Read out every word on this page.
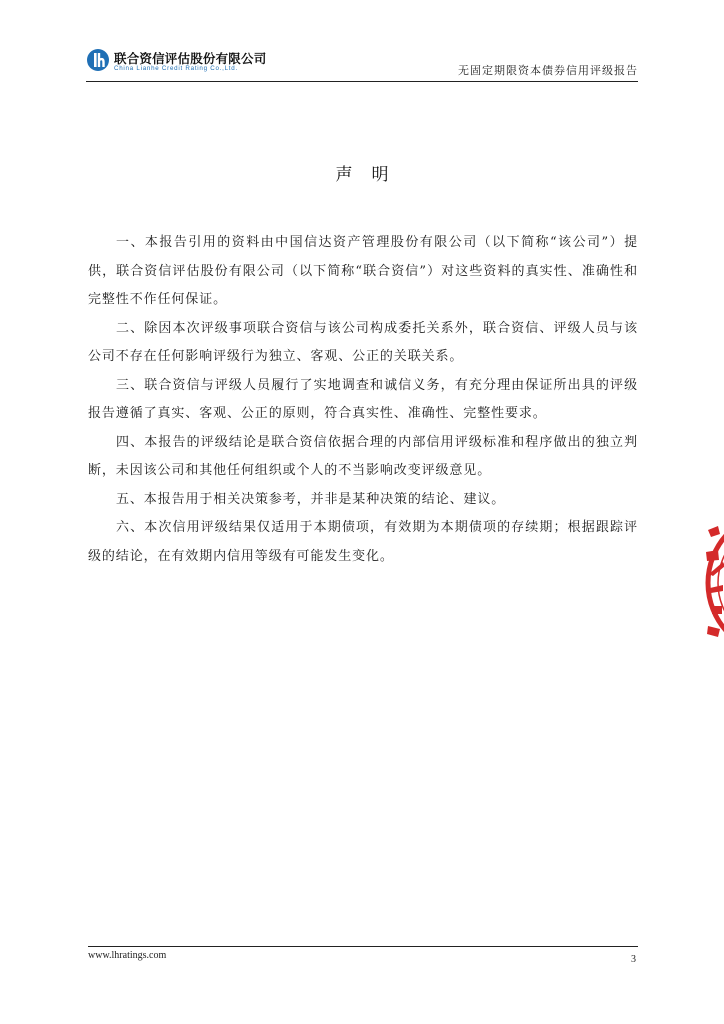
联合资信评估股份有限公司
China Lianhe Credit Rating Co.,Ltd.	无固定期限资本债券信用评级报告
声明

一、本报告引用的资料由中国信达资产管理股份有限公司（以下简称“该公司”）提供，联合资信评估股份有限公司（以下简称“联合资信”）对这些资料的真实性、准确性和完整性不作任何保证。

二、除因本次评级事项联合资信与该公司构成委托关系外，联合资信、评级人员与该公司不存在任何影响评级行为独立、客观、公正的关联关系。

三、联合资信与评级人员履行了实地调查和诚信义务，有充分理由保证所出具的评级报告遵循了真实、客观、公正的原则，符合真实性、准确性、完整性要求。

四、本报告的评级结论是联合资信依据合理的内部信用评级标准和程序做出的独立判断，未因该公司和其他任何组织或个人的不当影响改变评级意见。

五、本报告用于相关决策参考，并非是某种决策的结论、建议。

六、本次信用评级结果仅适用于本期债项，有效期为本期债项的存续期；根据跟踪评级的结论，在有效期内信用等级有可能发生变化。

www.lhratings.com	3
